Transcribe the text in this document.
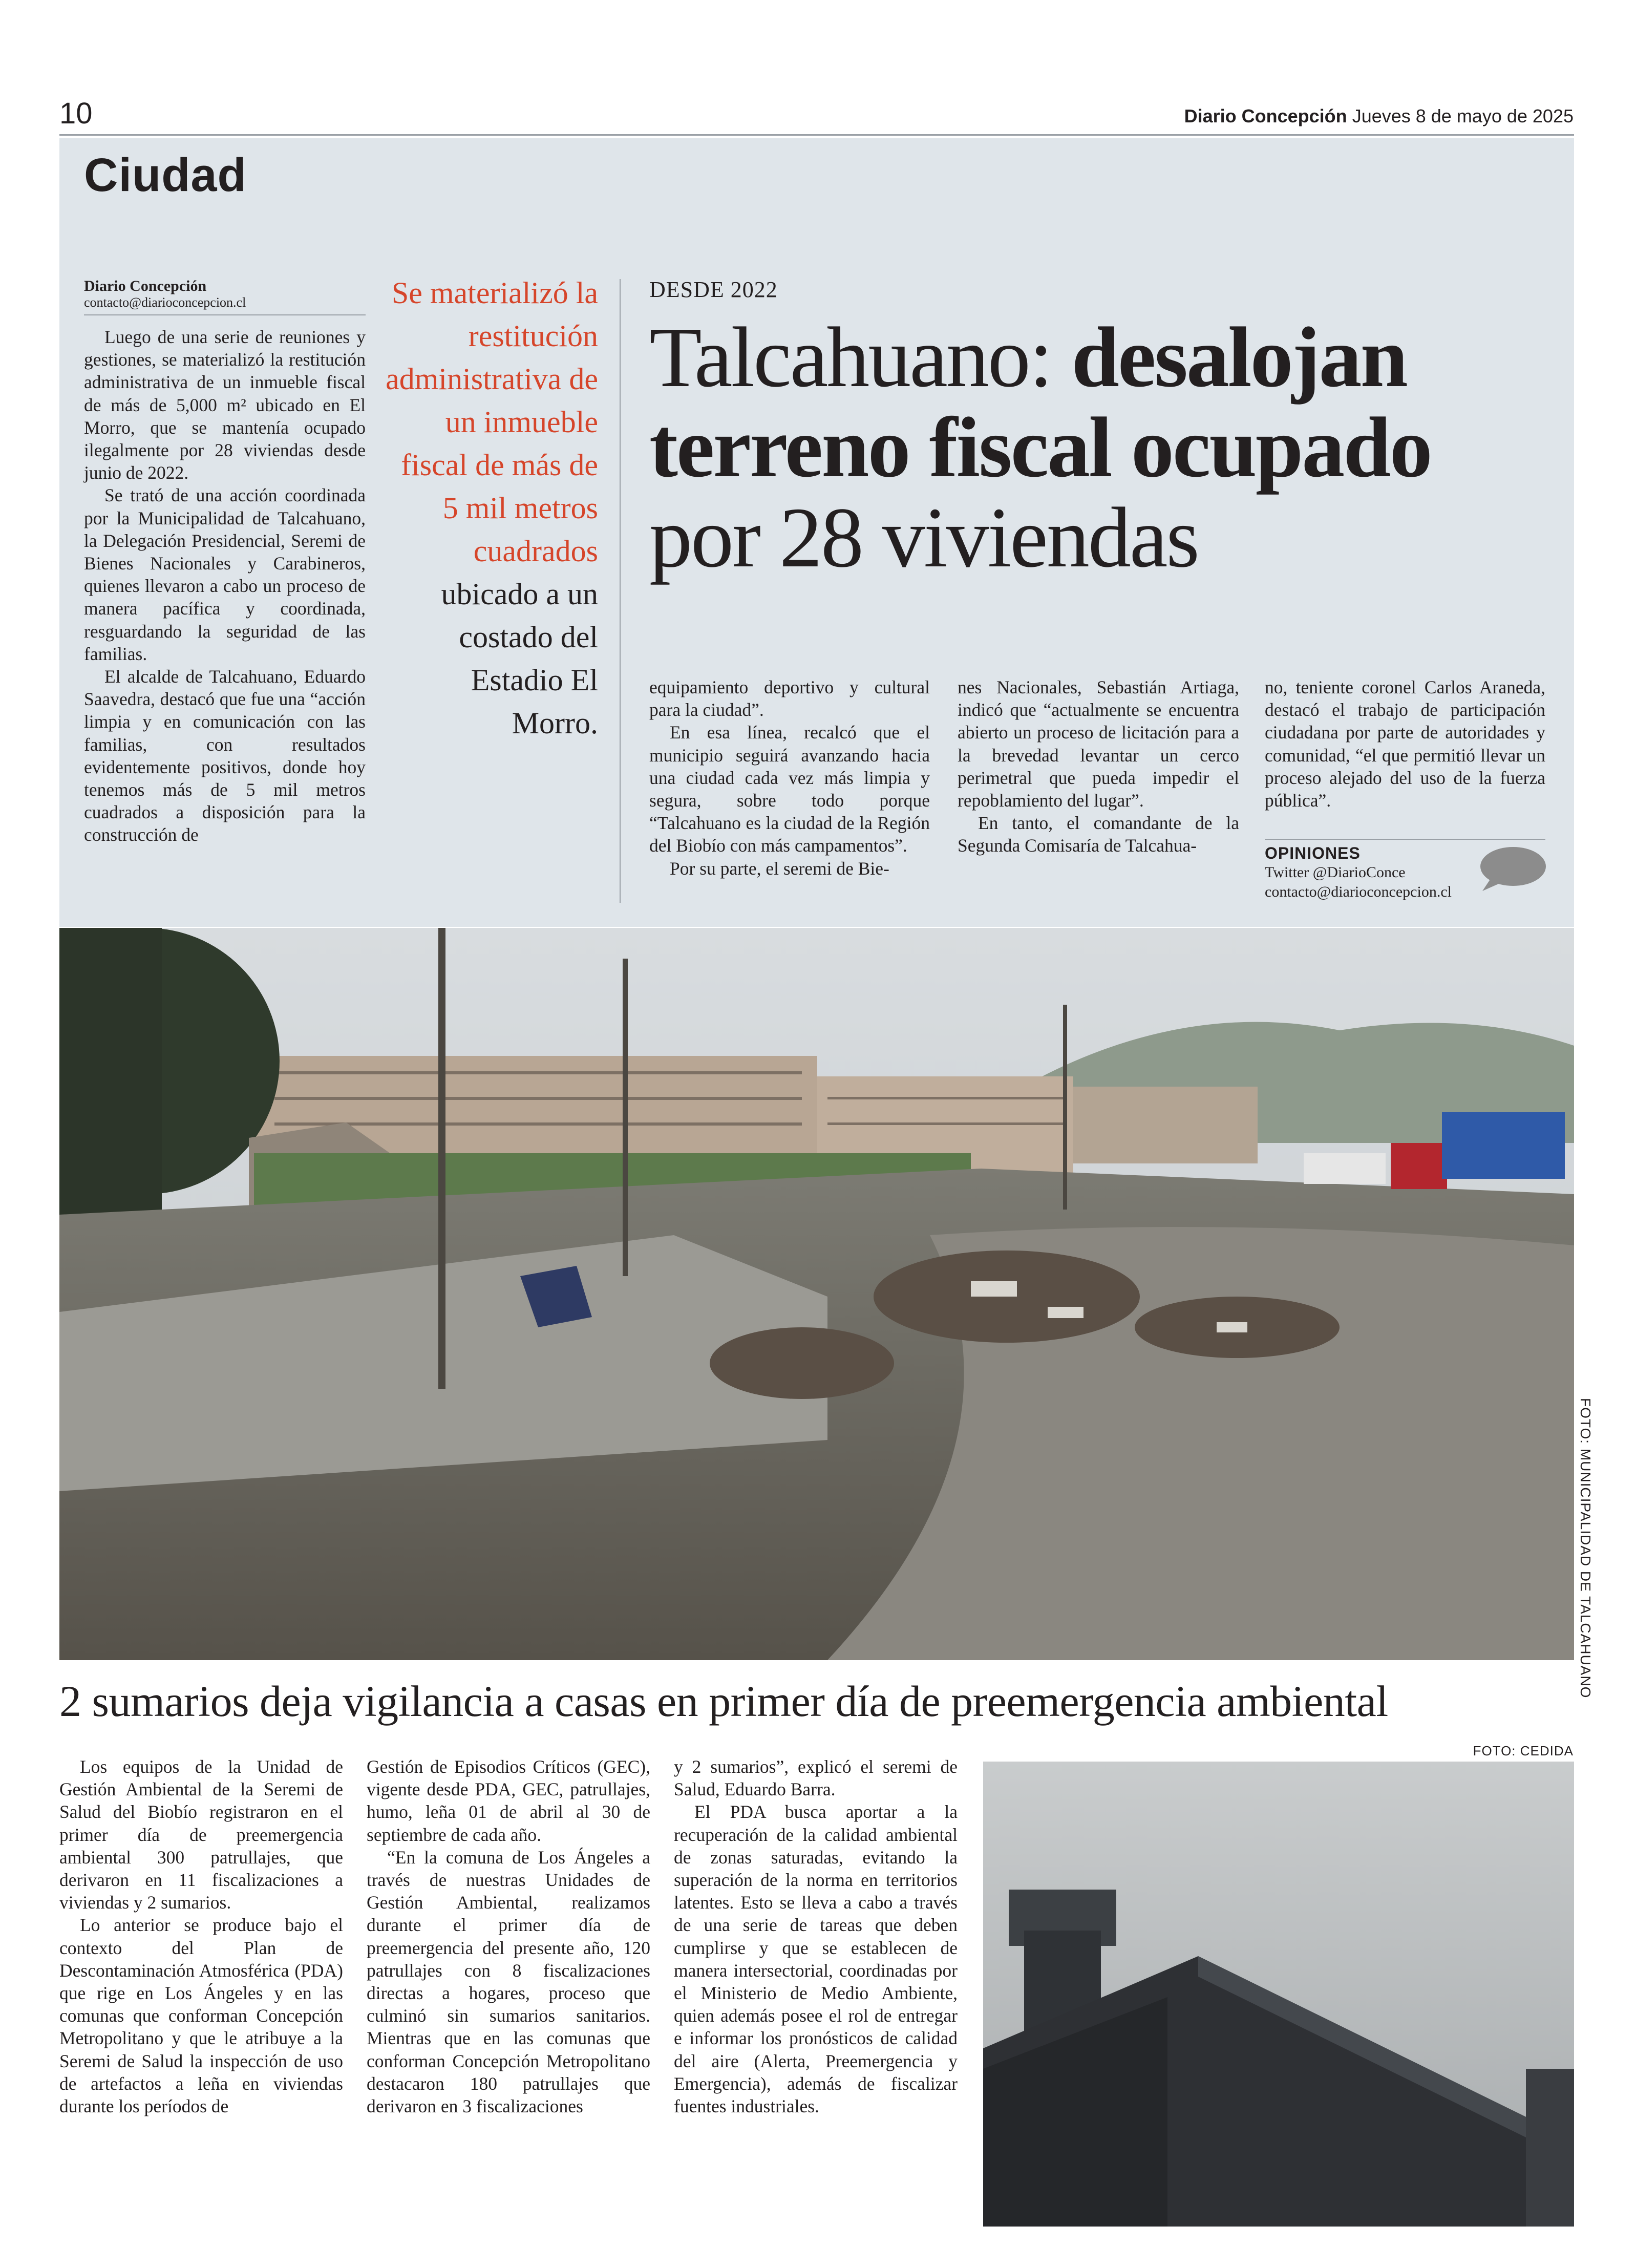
10	Diario Concepción Jueves 8 de mayo de 2025
Ciudad
Diario Concepción
contacto@diarioconcepcion.cl

Luego de una serie de reuniones y gestiones, se materializó la restitución administrativa de un inmueble fiscal de más de 5,000 m² ubicado en El Morro, que se mantenía ocupado ilegalmente por 28 viviendas desde junio de 2022.

Se trató de una acción coordinada por la Municipalidad de Talcahuano, la Delegación Presidencial, Seremi de Bienes Nacionales y Carabineros, quienes llevaron a cabo un proceso de manera pacífica y coordinada, resguardando la seguridad de las familias.

El alcalde de Talcahuano, Eduardo Saavedra, destacó que fue una “acción limpia y en comunicación con las familias, con resultados evidentemente positivos, donde hoy tenemos más de 5 mil metros cuadrados a disposición para la construcción de

Se materializó la restitución administrativa de un inmueble fiscal de más de 5 mil metros cuadrados ubicado a un costado del Estadio El Morro.
DESDE 2022
Talcahuano: desalojan terreno fiscal ocupado por 28 viviendas

equipamiento deportivo y cultural para la ciudad”.

En esa línea, recalcó que el municipio seguirá avanzando hacia una ciudad cada vez más limpia y segura, sobre todo porque “Talcahuano es la ciudad de la Región del Biobío con más campamentos”.

Por su parte, el seremi de Bie-

nes Nacionales, Sebastián Artiaga, indicó que “actualmente se encuentra abierto un proceso de licitación para a la brevedad levantar un cerco perimetral que pueda impedir el repoblamiento del lugar”.

En tanto, el comandante de la Segunda Comisaría de Talcahua-

no, teniente coronel Carlos Araneda, destacó el trabajo de participación ciudadana por parte de autoridades y comunidad, “el que permitió llevar un proceso alejado del uso de la fuerza pública”.

OPINIONES
Twitter @DiarioConce
contacto@diarioconcepcion.cl
FOTO: MUNICIPALIDAD DE TALCAHUANO
2 sumarios deja vigilancia a casas en primer día de preemergencia ambiental
FOTO: CEDIDA

Los equipos de la Unidad de Gestión Ambiental de la Seremi de Salud del Biobío registraron en el primer día de preemergencia ambiental 300 patrullajes, que derivaron en 11 fiscalizaciones a viviendas y 2 sumarios.

Lo anterior se produce bajo el contexto del Plan de Descontaminación Atmosférica (PDA) que rige en Los Ángeles y en las comunas que conforman Concepción Metropolitano y que le atribuye a la Seremi de Salud la inspección de uso de artefactos a leña en viviendas durante los períodos de

Gestión de Episodios Críticos (GEC), vigente desde PDA, GEC, patrullajes, humo, leña 01 de abril al 30 de septiembre de cada año.

“En la comuna de Los Ángeles a través de nuestras Unidades de Gestión Ambiental, realizamos durante el primer día de preemergencia del presente año, 120 patrullajes con 8 fiscalizaciones directas a hogares, proceso que culminó sin sumarios sanitarios. Mientras que en las comunas que conforman Concepción Metropolitano destacaron 180 patrullajes que derivaron en 3 fiscalizaciones

y 2 sumarios”, explicó el seremi de Salud, Eduardo Barra.

El PDA busca aportar a la recuperación de la calidad ambiental de zonas saturadas, evitando la superación de la norma en territorios latentes. Esto se lleva a cabo a través de una serie de tareas que deben cumplirse y que se establecen de manera intersectorial, coordinadas por el Ministerio de Medio Ambiente, quien además posee el rol de entregar e informar los pronósticos de calidad del aire (Alerta, Preemergencia y Emergencia), además de fiscalizar fuentes industriales.
